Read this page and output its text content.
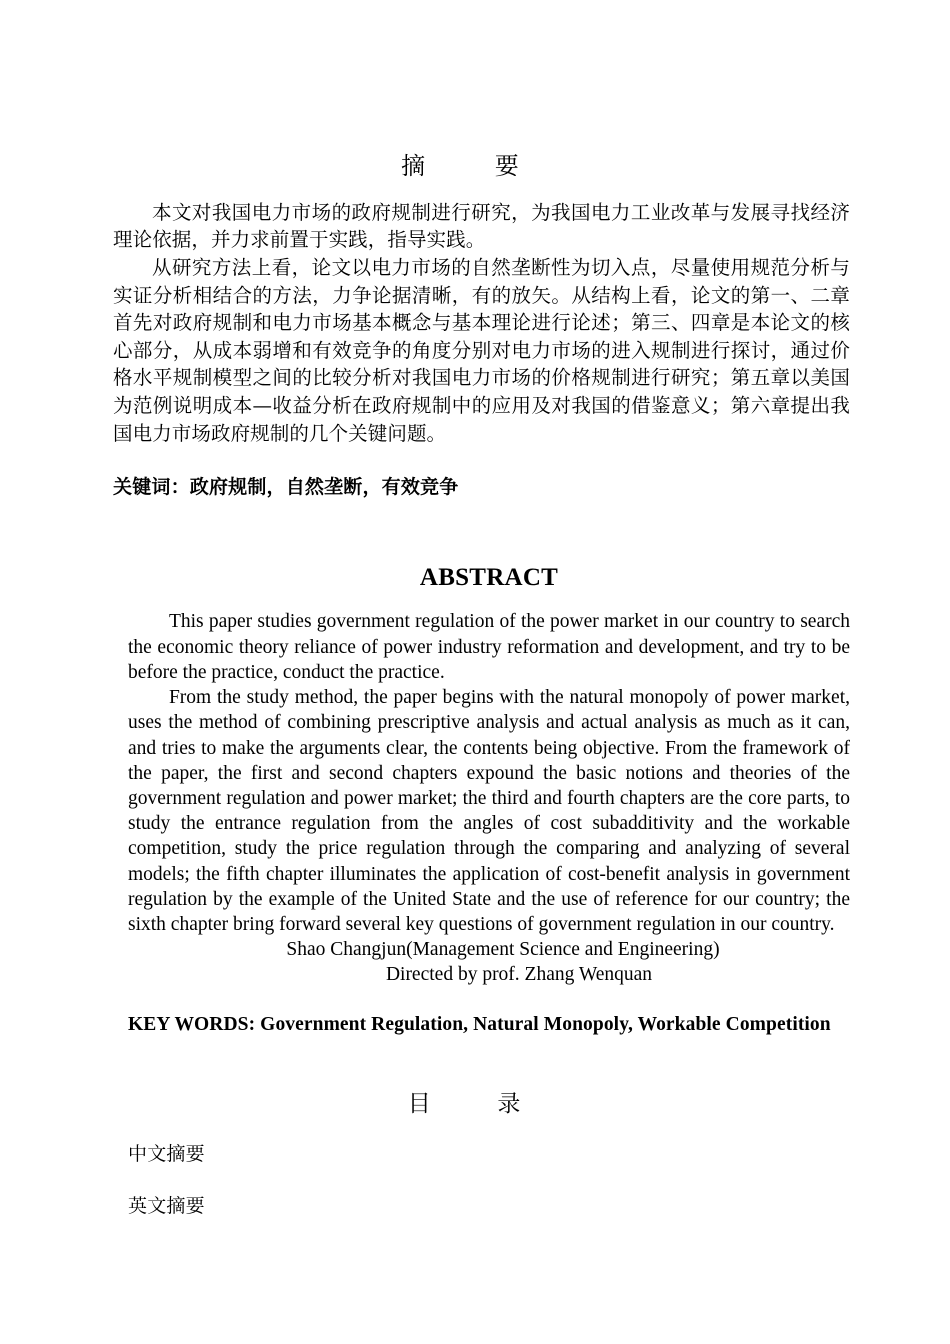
摘　　要

本文对我国电力市场的政府规制进行研究，为我国电力工业改革与发展寻找经济理论依据，并力求前置于实践，指导实践。

从研究方法上看，论文以电力市场的自然垄断性为切入点，尽量使用规范分析与实证分析相结合的方法，力争论据清晰，有的放矢。从结构上看，论文的第一、二章首先对政府规制和电力市场基本概念与基本理论进行论述；第三、四章是本论文的核心部分，从成本弱增和有效竞争的角度分别对电力市场的进入规制进行探讨，通过价格水平规制模型之间的比较分析对我国电力市场的价格规制进行研究；第五章以美国为范例说明成本—收益分析在政府规制中的应用及对我国的借鉴意义；第六章提出我国电力市场政府规制的几个关键问题。

关键词：政府规制，自然垄断，有效竞争

ABSTRACT

This paper studies government regulation of the power market in our country to search the economic theory reliance of power industry reformation and development, and try to be before the practice, conduct the practice.

From the study method, the paper begins with the natural monopoly of power market, uses the method of combining prescriptive analysis and actual analysis as much as it can, and tries to make the arguments clear, the contents being objective. From the framework of the paper, the first and second chapters expound the basic notions and theories of the government regulation and power market; the third and fourth chapters are the core parts, to study the entrance regulation from the angles of cost subadditivity and the workable competition, study the price regulation through the comparing and analyzing of several models; the fifth chapter illuminates the application of cost-benefit analysis in government regulation by the example of the United State and the use of reference for our country; the sixth chapter bring forward several key questions of government regulation in our country.

Shao Changjun(Management Science and Engineering)

Directed by prof. Zhang Wenquan

KEY WORDS: Government Regulation, Natural Monopoly, Workable Competition

目　　录
中文摘要
英文摘要
